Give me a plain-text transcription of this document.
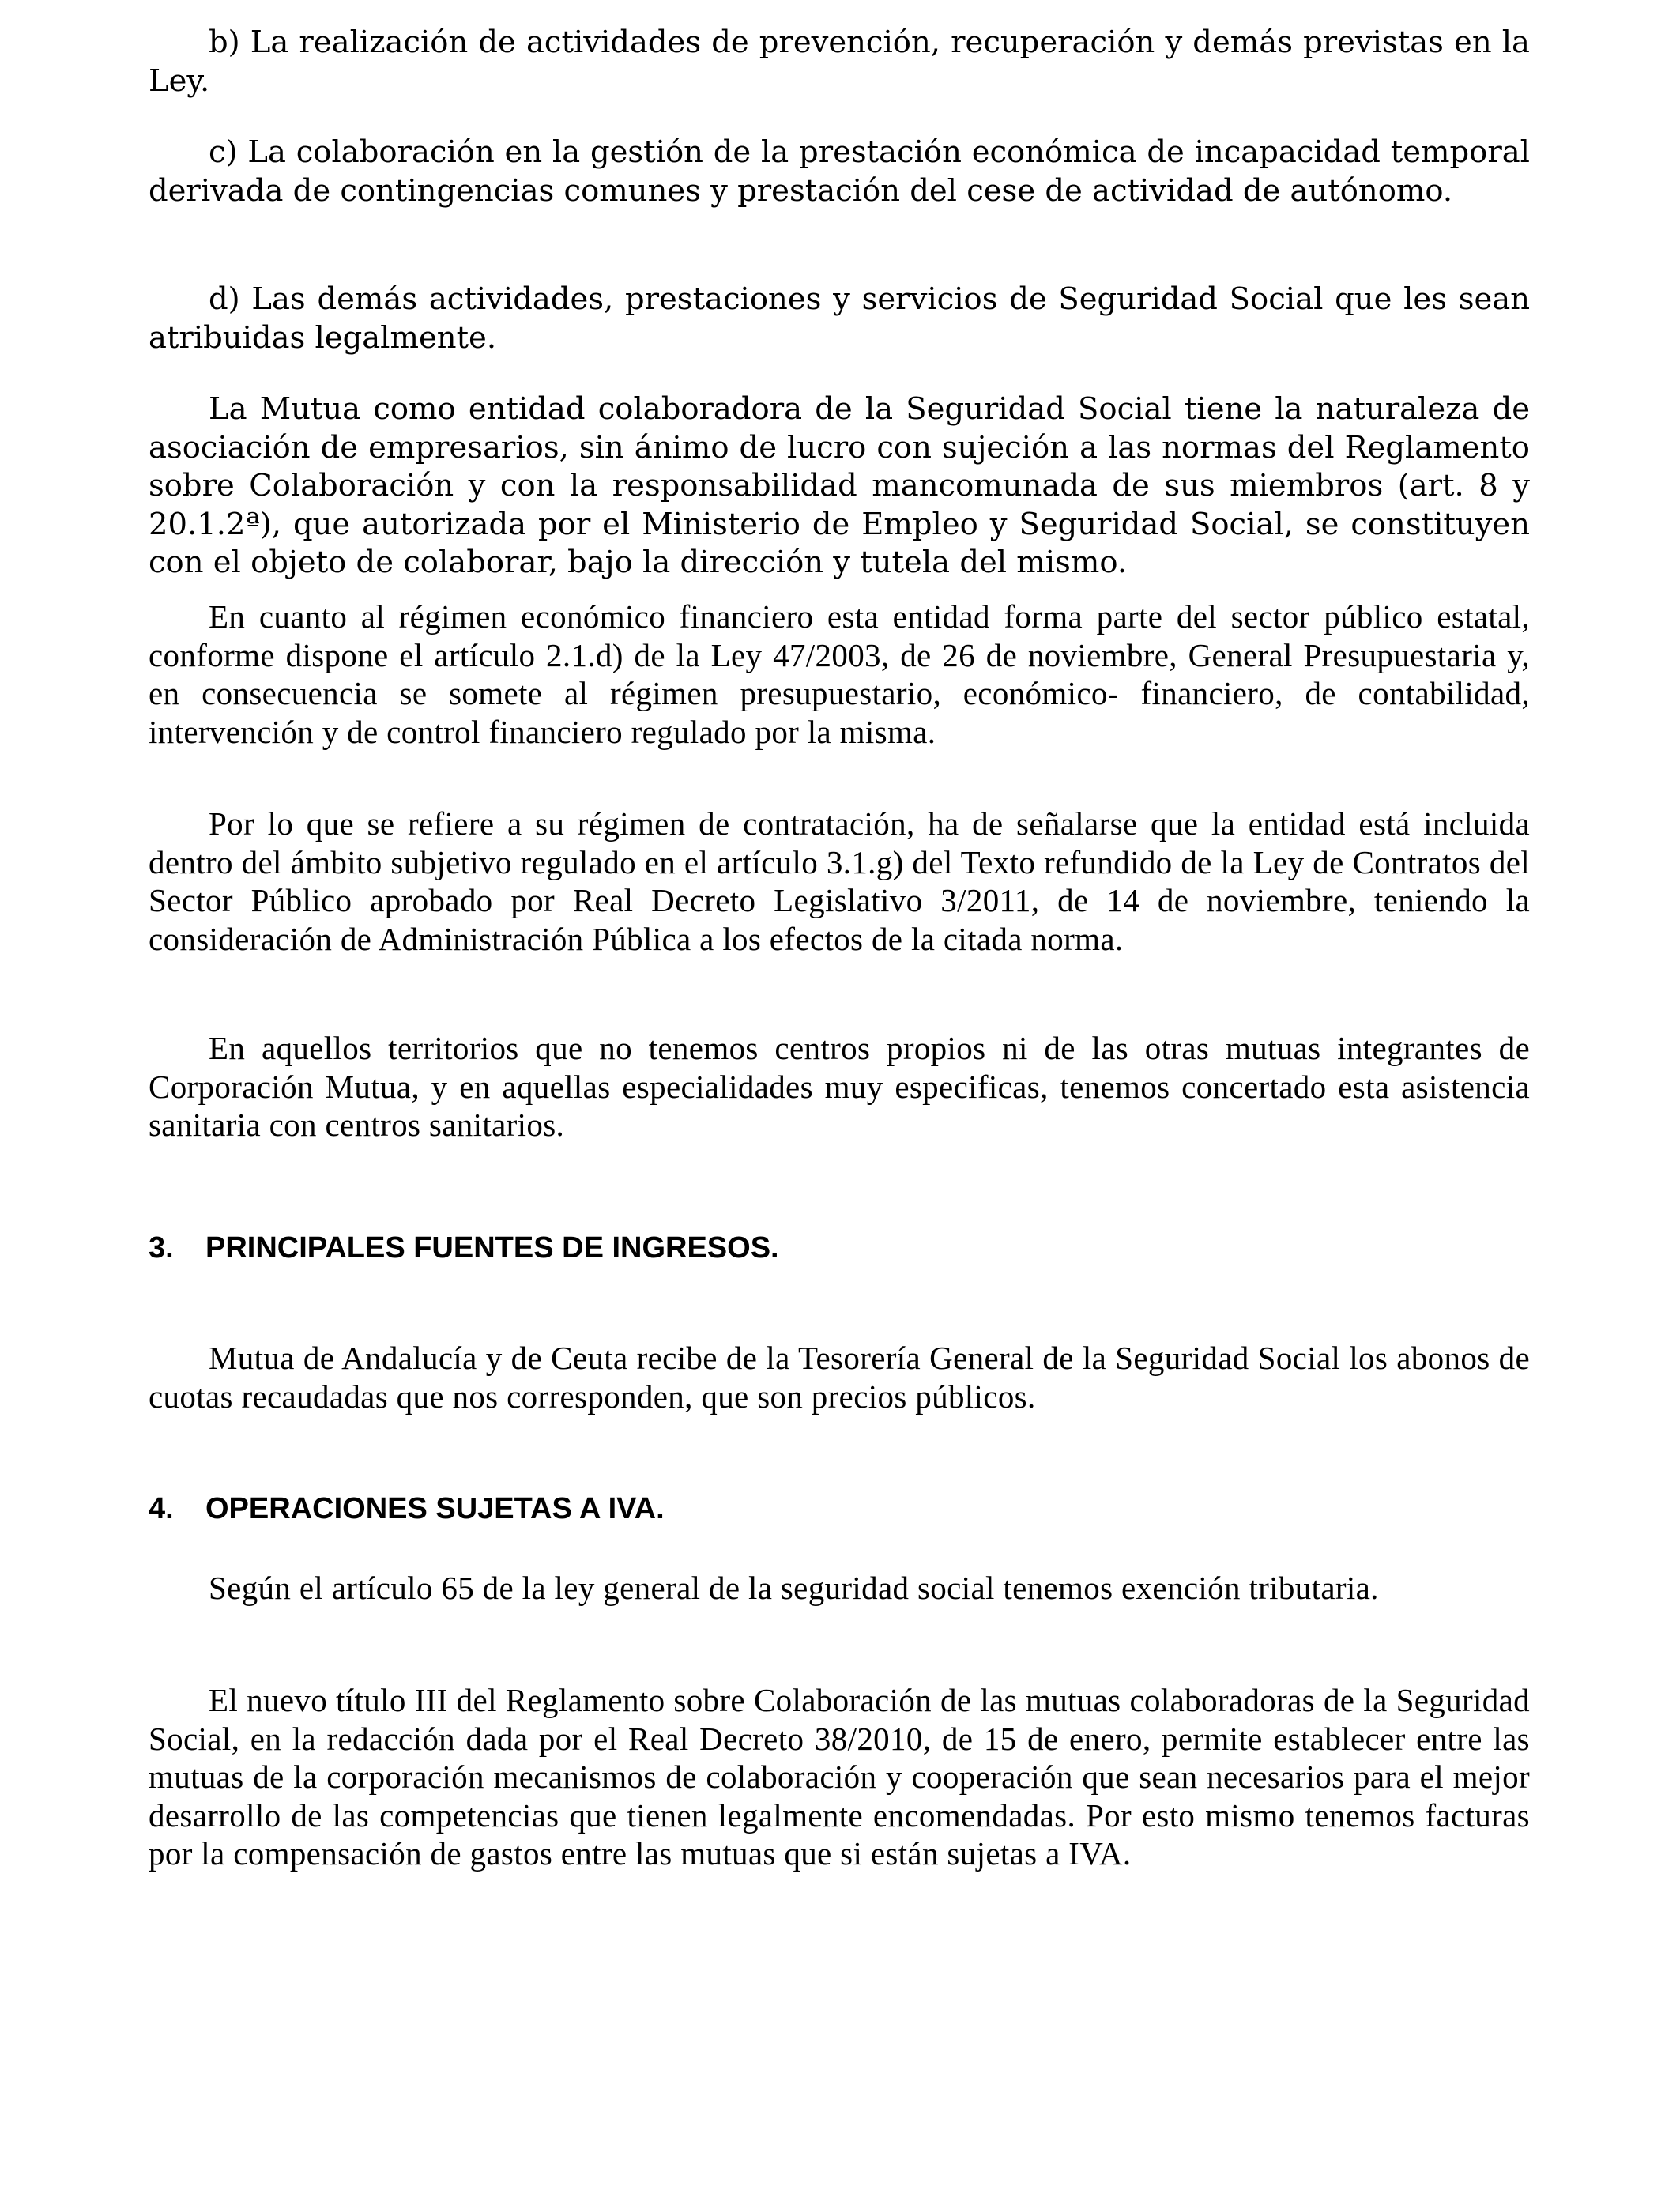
b) La realización de actividades de prevención, recuperación y demás previstas en la Ley.

c) La colaboración en la gestión de la prestación económica de incapacidad temporal derivada de contingencias comunes y prestación del cese de actividad de autónomo.

d) Las demás actividades, prestaciones y servicios de Seguridad Social que les sean atribuidas legalmente.

La Mutua como entidad colaboradora de la Seguridad Social tiene la naturaleza de asociación de empresarios, sin ánimo de lucro con sujeción a las normas del Reglamento sobre Colaboración y con la responsabilidad mancomunada de sus miembros (art. 8 y 20.1.2ª), que autorizada por el Ministerio de Empleo y Seguridad Social, se constituyen con el objeto de colaborar, bajo la dirección y tutela del mismo.

En cuanto al régimen económico financiero esta entidad forma parte del sector público estatal, conforme dispone el artículo 2.1.d) de la Ley 47/2003, de 26 de noviembre, General Presupuestaria y, en consecuencia se somete al régimen presupuestario, económico- financiero, de contabilidad, intervención y de control financiero regulado por la misma.

Por lo que se refiere a su régimen de contratación, ha de señalarse que la entidad está incluida dentro del ámbito subjetivo regulado en el artículo 3.1.g) del Texto refundido de la Ley de Contratos del Sector Público aprobado por Real Decreto Legislativo 3/2011, de 14 de noviembre, teniendo la consideración de Administración Pública a los efectos de la citada norma.

En aquellos territorios que no tenemos centros propios ni de las otras mutuas integrantes de Corporación Mutua, y en aquellas especialidades muy especificas, tenemos concertado esta asistencia sanitaria con centros sanitarios.

3. PRINCIPALES FUENTES DE INGRESOS.

Mutua de Andalucía y de Ceuta recibe de la Tesorería General de la Seguridad Social los abonos de cuotas recaudadas que nos corresponden, que son precios públicos.

4. OPERACIONES SUJETAS A IVA.

Según el artículo 65 de la ley general de la seguridad social tenemos exención tributaria.

El nuevo título III del Reglamento sobre Colaboración de las mutuas colaboradoras de la Seguridad Social, en la redacción dada por el Real Decreto 38/2010, de 15 de enero, permite establecer entre las mutuas de la corporación mecanismos de colaboración y cooperación que sean necesarios para el mejor desarrollo de las competencias que tienen legalmente encomendadas. Por esto mismo tenemos facturas por la compensación de gastos entre las mutuas que si están sujetas a IVA.
